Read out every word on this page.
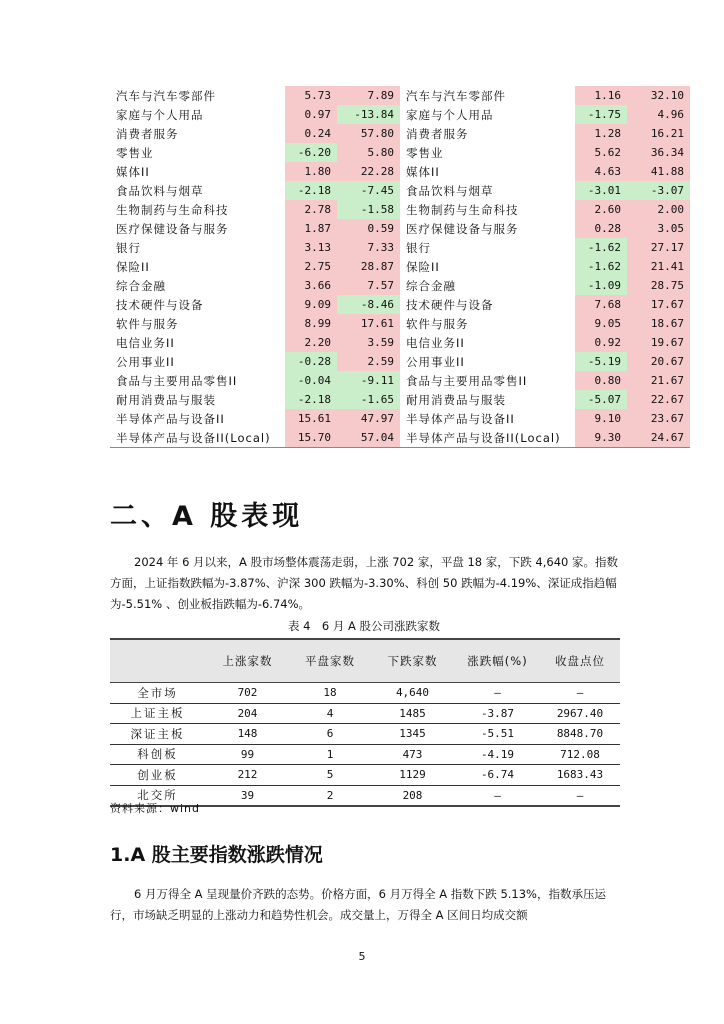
汽车与汽车零部件	5.73	7.89	汽车与汽车零部件	1.16	32.10
家庭与个人用品	0.97	-13.84	家庭与个人用品	-1.75	4.96
消费者服务	0.24	57.80	消费者服务	1.28	16.21
零售业	-6.20	5.80	零售业	5.62	36.34
媒体II	1.80	22.28	媒体II	4.63	41.88
食品饮料与烟草	-2.18	-7.45	食品饮料与烟草	-3.01	-3.07
生物制药与生命科技	2.78	-1.58	生物制药与生命科技	2.60	2.00
医疗保健设备与服务	1.87	0.59	医疗保健设备与服务	0.28	3.05
银行	3.13	7.33	银行	-1.62	27.17
保险II	2.75	28.87	保险II	-1.62	21.41
综合金融	3.66	7.57	综合金融	-1.09	28.75
技术硬件与设备	9.09	-8.46	技术硬件与设备	7.68	17.67
软件与服务	8.99	17.61	软件与服务	9.05	18.67
电信业务II	2.20	3.59	电信业务II	0.92	19.67
公用事业II	-0.28	2.59	公用事业II	-5.19	20.67
食品与主要用品零售II	-0.04	-9.11	食品与主要用品零售II	0.80	21.67
耐用消费品与服装	-2.18	-1.65	耐用消费品与服装	-5.07	22.67
半导体产品与设备II	15.61	47.97	半导体产品与设备II	9.10	23.67
半导体产品与设备II(Local)	15.70	57.04	半导体产品与设备II(Local)	9.30	24.67
二、A 股表现

2024 年 6 月以来，A 股市场整体震荡走弱，上涨 702 家，平盘 18 家，下跌 4,640 家。指数方面，上证指数跌幅为-3.87%、沪深 300 跌幅为-3.30%、科创 50 跌幅为-4.19%、深证成指趋幅为-5.51% 、创业板指跌幅为-6.74%。

表 4　6 月 A 股公司涨跌家数
	上涨家数	平盘家数	下跌家数	涨跌幅(%)	收盘点位
全市场	702	18	4,640	–	–
上证主板	204	4	1485	-3.87	2967.40
深证主板	148	6	1345	-5.51	8848.70
科创板	99	1	473	-4.19	712.08
创业板	212	5	1129	-6.74	1683.43
北交所	39	2	208	–	–
资料来源：wind
1.A 股主要指数涨跌情况

6 月万得全 A 呈现量价齐跌的态势。价格方面，6 月万得全 A 指数下跌 5.13%，指数承压运行，市场缺乏明显的上涨动力和趋势性机会。成交量上，万得全 A 区间日均成交额

5
